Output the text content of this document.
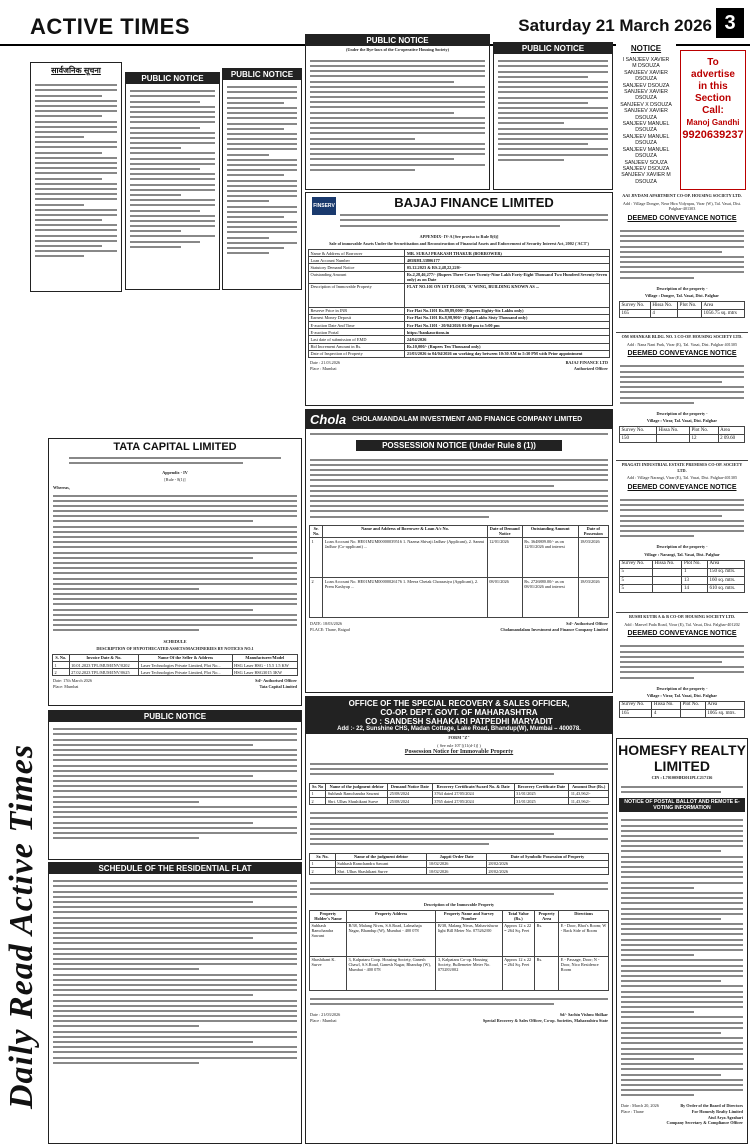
ACTIVE TIMES	Saturday 21 March 2026 3
Daily Read Active Times
सार्वजनिक सूचना
PUBLIC NOTICE	PUBLIC NOTICE
PUBLIC NOTICE
(Under the Bye-laws of the Co-operative Housing Society)	PUBLIC NOTICE	NOTICE
I SANJEEV XAVIER M DSOUZA
SANJEEV XAVIER DSOUZA
SANJEEV DSOUZA
SANJEEV XAVIER DSOUZA
SANJEEV X DSOUZA
SANJEEV XAVIER DSOUZA
SANJEEV MANUEL DSOUZA
SANJEEV MANUEL DSOUZA
SANJEEV MANUEL DSOUZA
SANJEEV SOUZA SANJEEV DSOUZA
SANJEEV XAVIER M DSOUZA
To
advertise
in this
Section
Call:
Manoj Gandhi
9920639237
FINSERV	BAJAJ FINANCE LIMITED
APPENDIX- IV-A [See proviso to Rule 8(6)]
Sale of immovable Assets Under the Securitisation and Reconstruction of Financial Assets and Enforcement of Security Interest Act, 2002 ('ACT')
Name & Address of Borrower	MR. SURAJ PRAKASH THAKUR (BORROWER)
Loan Account Number	405RHL33806177
Statutory Demand Notice	05.12.2023 & RS.2,48,22,220/-
Outstanding Amount	Rs.2,28,46,277/- (Rupees Three Crore Twenty-Nine Lakh Forty-Eight Thousand Two Hundred Seventy-Seven only) as on Date
Description of Immovable Property	FLAT NO.101 ON 1ST FLOOR, 'A' WING, BUILDING KNOWN AS ...
Reserve Price in INR	For Flat No.1101 Rs.89,89,000/- (Rupees Eighty-Six Lakhs only)
Earnest Money Deposit	For Flat No.1101 Rs.8,98,900/- (Eight Lakhs Sixty Thousand only)
E-auction Date And Time	For Flat No.1101 - 20/04/2026 03:00 pm to 5:00 pm
E-auction Portal	https://bankauctions.in
Last date of submission of EMD	24/04/2026
Bid Increment Amount in Rs.	Rs.10,000/- (Rupees Ten Thousand only)
Date of Inspection of Property	21/03/2026 to 04/04/2026 on working day between 10:30 AM to 5:30 PM with Prior appointment
Date : 21.03.2026
Place : Mumbai
BAJAJ FINANCE LTD
Authorized Officer
AAI JIVDANI APARTMENT CO-OP. HOUSING SOCIETY LTD.
Add : Village Dongre, Near Hira Vidyapas, Virar (W), Tal. Vasai, Dist. Palghar-401303
DEEMED CONVEYANCE NOTICE
Description of the property -
Village : Dongre, Tal. Vasai, Dist. Palghar
Survey No.	Hissa No.	Plot No.	Area
165	4		1056.75 sq. mtrs
OM SHANKAR BLDG. NO. 3 CO-OP. HOUSING SOCIETY LTD.
Add : Nana Nani Park, Virar (E), Tal. Vasai, Dist. Palghar 401305
DEEMED CONVEYANCE NOTICE
Description of the property -
Village : Virar, Tal. Vasai, Dist. Palghar
Survey No.	Hissa No.	Plot No.	Area
150		12	2 09.60
TATA CAPITAL LIMITED
Appendix - IV
[Rule - 8(1)]
Whereas,
SCHEDULE
DESCRIPTION OF HYPOTHECATED ASSETS/MACHINERIES BY NOTICES NO.1
S. No.	Invoice Date & No.	Name Of the Seller & Address	Manufacturer/Model
1	10.01.2023 TPL/MUM/INV/0202	Laser Technologies Private Limited, Plot No...	HSG Laser HSG - 15.5 1.5 KW
2	27.02.2023 TPL/MUM/INV/0625	Laser Technologies Private Limited, Plot No...	HSG Laser HSG3015 3KW
Date: 17th March 2026
Place: Mumbai
Sd/- Authorised Officer
Tata Capital Limited
Chola CHOLAMANDALAM INVESTMENT AND FINANCE COMPANY LIMITED
POSSESSION NOTICE (Under Rule 8 (1))
Sr. No.	Name and Address of Borrower & Loan A/c No.	Date of Demand Notice	Outstanding Amount	Date of Possession
1	Loan Account No. HE01MUM00000039516 1. Nazma Shivaji Jadhav (Applicant), 2. Sanmi Jadhav (Co-applicant) ...	12/01/2026	Rs. 3648809.00/- as on 12/01/2026 and interest	18/03/2026
2	Loan Account No. HE01MUM00000026176 1. Meera Chetak Choraasiya (Applicant), 2. Prem Kashyap ...	08/01/2026	Rs. 2726880.00/- as on 08/01/2026 and interest	18/03/2026
DATE: 18/03/2026
PLACE: Thane, Raigad
Sd/- Authorised Officer
Cholamandalam Investment and Finance Company Limited
PRAGATI INDUSTRIAL ESTATE PREMISES CO-OP. SOCIETY LTD.
Add : Village Narangi, Virar (E), Tal. Vasai, Dist. Palghar-401305
DEEMED CONVEYANCE NOTICE
Description of the property -
Village : Narangi, Tal. Vasai, Dist. Palghar
Survey No.	Hissa No.	Plot No.	Area
5		1	150 sq. mtrs.
5		13	160 sq. mtrs.
5		14	610 sq. mtrs.
RUSHI KUTIR A & B CO-OP. HOUSING SOCIETY LTD.
Add : Manvel Pada Road, Virar (E), Tal. Vasai, Dist. Palghar-401202
DEEMED CONVEYANCE NOTICE
Description of the property -
Village : Virar, Tal. Vasai, Dist. Palghar
Survey No.	Hissa No.	Plot No.	Area
165	4		1065 sq. mtrs.
PUBLIC NOTICE
SCHEDULE OF THE RESIDENTIAL FLAT
OFFICE OF THE SPECIAL RECOVERY & SALES OFFICER,
CO-OP. DEPT. GOVT. OF MAHARASHTRA
CO : SANDESH SAHAKARI PATPEDHI MARYADIT
Add :- 22, Sunshine CHS, Madan Cottage, Lake Road, Bhandup(W), Mumbai – 400078.
FORM "Z"
( See rule 107 [(11(d-1)] )
Possession Notice for Immovable Property
Sr. No	Name of the judgment debtor	Demand Notice Date	Recovery Certificate/Award No. & Date	Recovery Certificate Date	Amount Due (Rs.)
1	Subhash Ramchandra Sawant	25/08/2024	3764 dated 27/05/2024	31/01/2025	11,43,962/-
2	Shri. Ulhas Shashikant Surve	25/08/2024	3765 dated 27/05/2024	31/01/2025	11,43,962/-
Sr. No.	Name of the judgment debtor	Jappti Order Date	Date of Symbolic Possession of Property
1	Subhash Ramchandra Sawant	10/02/2026	28/02/2026
2	Shri. Ulhas Shashikant Surve	10/02/2026	28/02/2026
Description of the Immovable Property
Property Holder's Name	Property Address	Property Name and Survey Number	Total Value (Rs.)	Property Area	Directions
Subhash Ramchandra Sawant	B/38, Malang Nivas, S.S.Road, Lalmahaja Nagar, Bhandup (W), Mumbai - 400 078	B/38, Malang Nivas, Mahavishwar light Bill Meter No. 075262/00	Approx 12 x 22 = 264 Sq. Feet	Rs.	E - Door, Bhoi's Room; W - Back Side of Room
Shashikant K. Surve	3, Kalpataru Coop. Housing Society, Ganesh Chawl, S.S.Road, Ganesh Nagar, Bhandup (W), Mumbai - 400 078	3, Kalpataru Co-op. Housing Society, Bullemeter Meter No. 075283/002	Approx 12 x 22 = 264 Sq. Feet	Rs.	E - Passage, Door; N - Door, Nico Residence Room
Date : 21/03/2026
Place : Mumbai
Sd/- Sachin Vishnu Shilkar
Special Recovery & Sales Officer, Co-op. Societies, Maharashtra State
HOMESFY REALTY LIMITED
CIN : L70100MH2011PLC217136
NOTICE OF POSTAL BALLOT AND REMOTE E-VOTING INFORMATION
Date : March 20, 2026
Place : Thane
By Order of the Board of Directors
For Homesfy Realty Limited
Atul Arya Agrahari
Company Secretary & Compliance Officer
